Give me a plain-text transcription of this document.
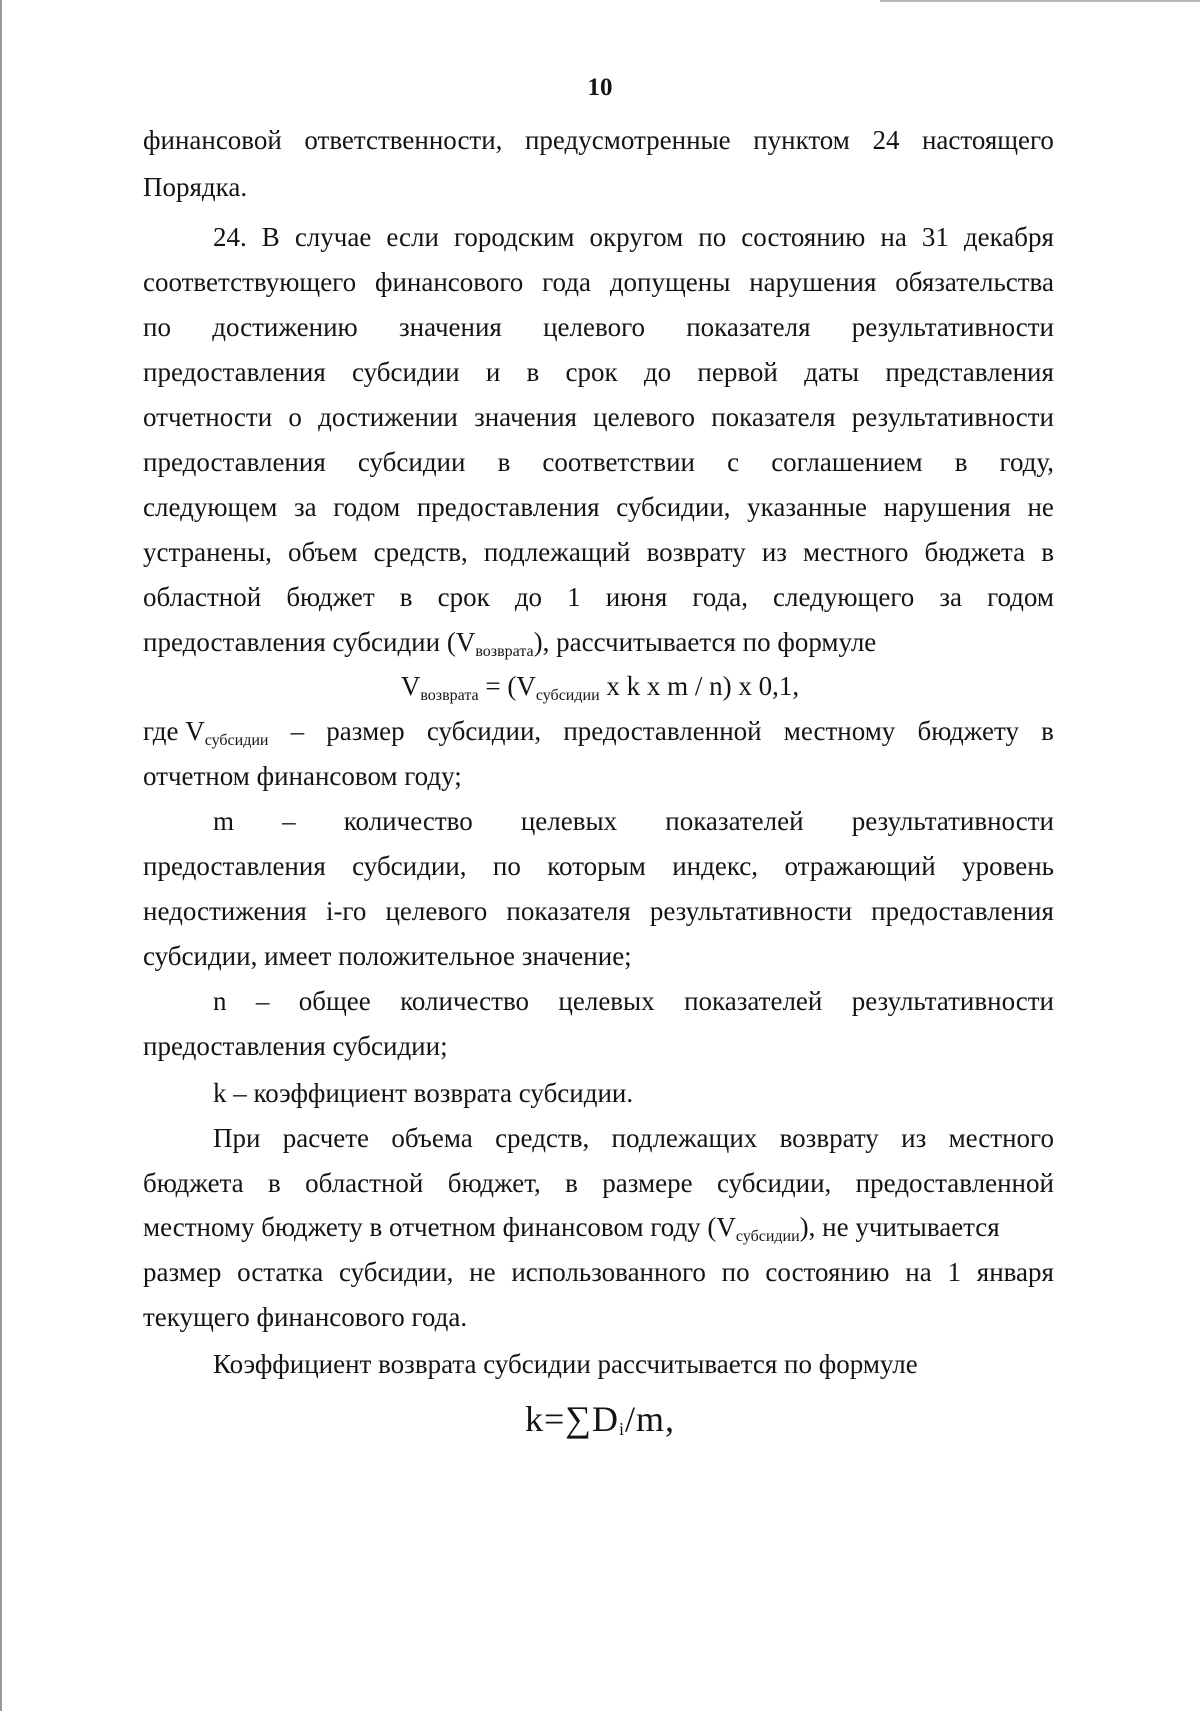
10
финансовой ответственности, предусмотренные пунктом 24 настоящего
Порядка.
24. В случае если городским округом по состоянию на 31 декабря
соответствующего финансового года допущены нарушения обязательства
по достижению значения целевого показателя результативности
предоставления субсидии и в срок до первой даты представления
отчетности о достижении значения целевого показателя результативности
предоставления субсидии в соответствии с соглашением в году,
следующем за годом предоставления субсидии, указанные нарушения не
устранены, объем средств, подлежащий возврату из местного бюджета в
областной бюджет в срок до 1 июня года, следующего за годом
предоставления субсидии $(V_{возврата})$, рассчитывается по формуле
$V_{возврата} = (V_{субсидии}$ x k x m / n) x 0,1,
где $V_{субсидии}$ – размер субсидии, предоставленной местному бюджету в
отчетном финансовом году;
m – количество целевых показателей результативности
предоставления субсидии, по которым индекс, отражающий уровень
недостижения i-го целевого показателя результативности предоставления
субсидии, имеет положительное значение;
n – общее количество целевых показателей результативности
предоставления субсидии;
k – коэффициент возврата субсидии.
При расчете объема средств, подлежащих возврату из местного
бюджета в областной бюджет, в размере субсидии, предоставленной
местному бюджету в отчетном финансовом году $(V_{субсидии})$, не учитывается
размер остатка субсидии, не использованного по состоянию на 1 января
текущего финансового года.
Коэффициент возврата субсидии рассчитывается по формуле
k=∑Di/m,
